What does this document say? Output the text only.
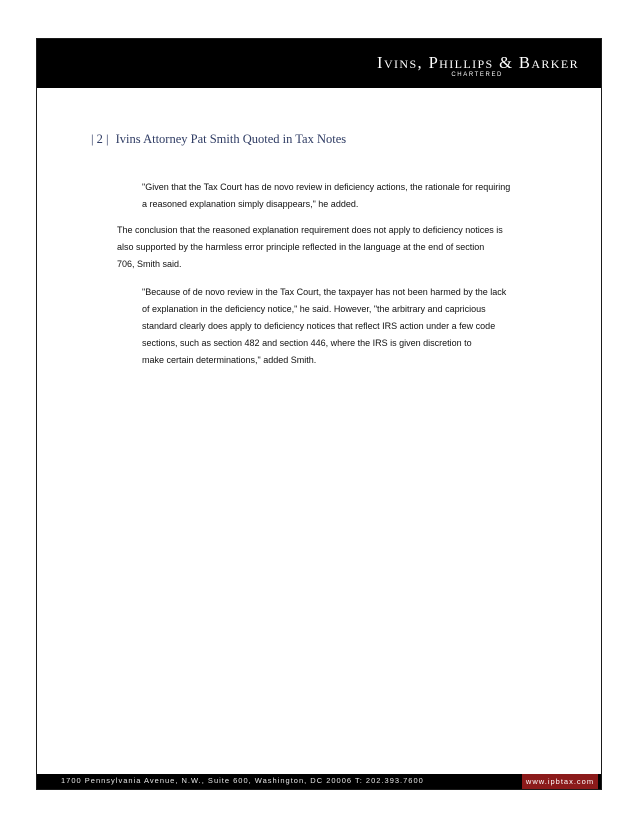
Ivins, Phillips & Barker
CHARTERED
| 2 | Ivins Attorney Pat Smith Quoted in Tax Notes
"Given that the Tax Court has de novo review in deficiency actions, the rationale for requiring
a reasoned explanation simply disappears," he added.
The conclusion that the reasoned explanation requirement does not apply to deficiency notices is
also supported by the harmless error principle reflected in the language at the end of section
706, Smith said.
"Because of de novo review in the Tax Court, the taxpayer has not been harmed by the lack
of explanation in the deficiency notice," he said. However, "the arbitrary and capricious
standard clearly does apply to deficiency notices that reflect IRS action under a few code
sections, such as section 482 and section 446, where the IRS is given discretion to
make certain determinations," added Smith.
1700 Pennsylvania Avenue, N.W., Suite 600, Washington, DC 20006 T: 202.393.7600	www.ipbtax.com
